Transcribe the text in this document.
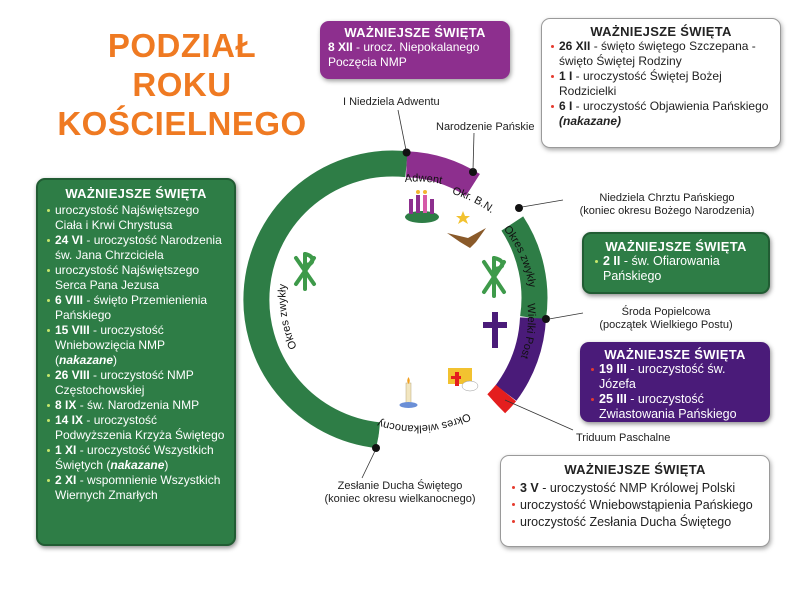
PODZIAŁ
ROKU
KOŚCIELNEGO
Adwent
Okr. B.N.
Okres zwykły
Wielki Post
Okres wielkanocny
Okres zwykły
I Niedziela Adwentu
Narodzenie Pańskie
Niedziela Chrztu Pańskiego
(koniec okresu Bożego Narodzenia)
Środa Popielcowa
(początek Wielkiego Postu)
Triduum Paschalne
Zesłanie Ducha Świętego
(koniec okresu wielkanocnego)
WAŻNIEJSZE ŚWIĘTA
8 XII - urocz. Niepokalanego Poczęcia NMP
WAŻNIEJSZE ŚWIĘTA
26 XII - święto świętego Szczepana - święto Świętej Rodziny
1 I - uroczystość Świętej Bożej Rodzicielki
6 I - uroczystość Objawienia Pańskiego (nakazane)
WAŻNIEJSZE ŚWIĘTA
uroczystość Najświętszego Ciała i Krwi Chrystusa
24 VI - uroczystość Narodzenia św. Jana Chrzciciela
uroczystość Najświętszego Serca Pana Jezusa
6 VIII - święto Przemienienia Pańskiego
15 VIII - uroczystość Wniebowzięcia NMP (nakazane)
26 VIII - uroczystość NMP Częstochowskiej
8 IX - św. Narodzenia NMP
14 IX - uroczystość Podwyższenia Krzyża Świętego
1 XI - uroczystość Wszystkich Świętych (nakazane)
2 XI - wspomnienie Wszystkich Wiernych Zmarłych
WAŻNIEJSZE ŚWIĘTA
2 II - św. Ofiarowania Pańskiego
WAŻNIEJSZE ŚWIĘTA
19 III - uroczystość św. Józefa
25 III - uroczystość Zwiastowania Pańskiego
WAŻNIEJSZE ŚWIĘTA
3 V - uroczystość NMP Królowej Polski
uroczystość Wniebowstąpienia Pańskiego
uroczystość Zesłania Ducha Świętego
